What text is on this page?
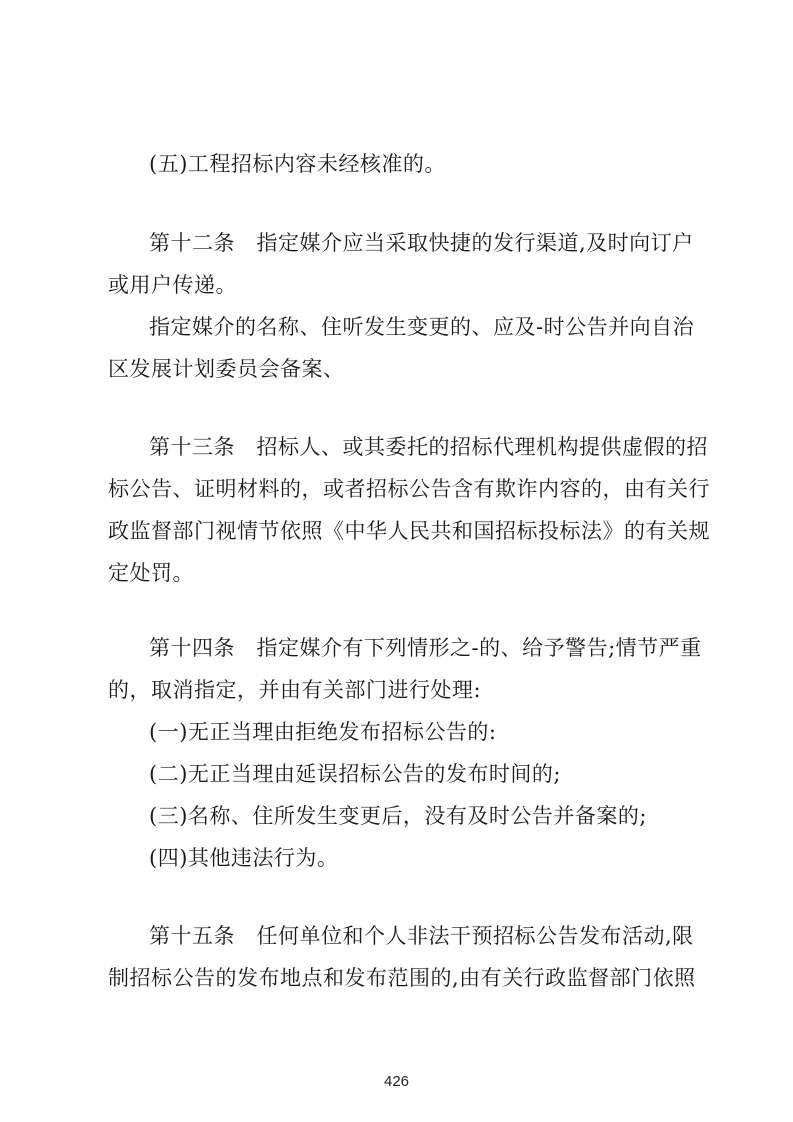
(五)工程招标内容未经核准的。
第十二条　指定媒介应当采取快捷的发行渠道,及时向订户
或用户传递。
指定媒介的名称、住听发生变更的、应及-时公告并向自治
区发展计划委员会备案、
第十三条　招标人、或其委托的招标代理机构提供虚假的招
标公告、证明材料的，或者招标公告含有欺诈内容的，由有关行
政监督部门视情节依照《中华人民共和国招标投标法》的有关规
定处罚。
第十四条　指定媒介有下列情形之-的、给予警告;情节严重
的，取消指定，并由有关部门进行处理:
(一)无正当理由拒绝发布招标公告的:
(二)无正当理由延误招标公告的发布时间的;
(三)名称、住所发生变更后，没有及时公告并备案的;
(四)其他违法行为。
第十五条　任何单位和个人非法干预招标公告发布活动,限
制招标公告的发布地点和发布范围的,由有关行政监督部门依照
426
